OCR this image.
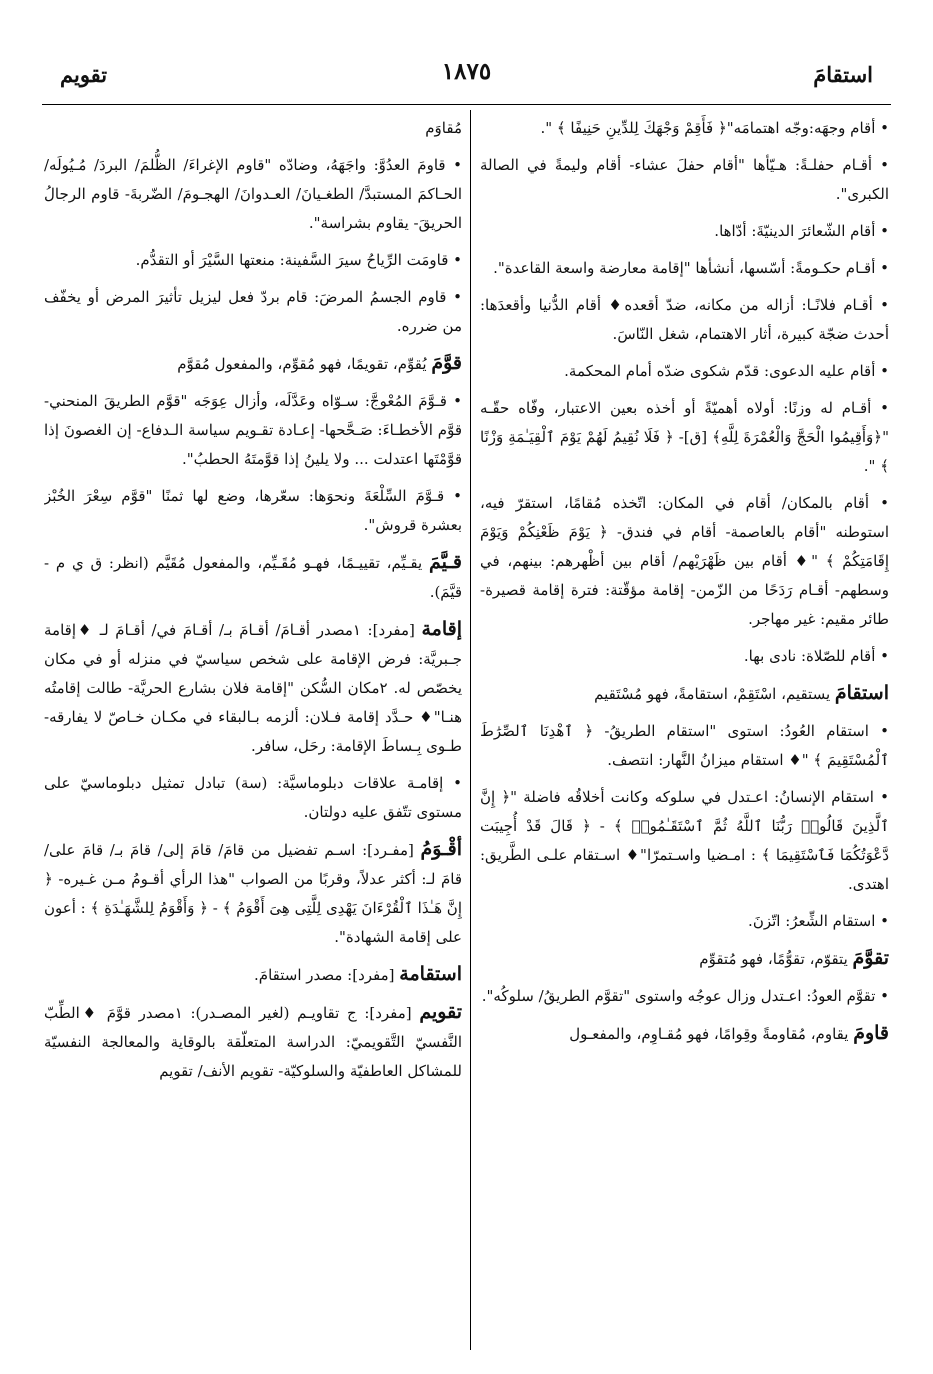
استقامَ
١٨٧٥
تقويم

• أقام وجهَه:وجّه اهتمامَه"﴿ فَأَقِمْ وَجْهَكَ لِلدِّينِ حَنِيفًا ﴾ ".

• أقـام حفلـةً: هـيّأها "أقام حفلَ عشاء- أقام وليمةً في الصالة الكبرى".

• أقام الشّعائرَ الدينيّةَ: أدّاها.

• أقـام حكـومةً: أسّسها، أنشأها "إقامة معارضة واسعة القاعدة".

• أقـام فلانًـا: أزاله من مكانه، ضدّ أقعده♦ أقام الدُّنيا وأقعدَها: أحدث ضجّة كبيرة، أثار الاهتمام، شغل النّاسَ.

• أقام عليه الدعوى: قدّم شكوى ضدّه أمام المحكمة.

• أقـام له وزنًا: أولاه أهميّةً أو أخذه بعين الاعتبار، وفّاه حقّـه "﴿وَأَقِيمُوا الْحَجَّ وَالْعُمْرَةَ لِلَّهِ﴾ [ق]- ﴿ فَلَا نُقِيمُ لَهُمْ يَوْمَ ٱلْقِيَـٰمَةِ وَزْنًا ﴾ ".

• أقام بالمكان/ أقام في المكان: اتّخذه مُقامًا، استقرّ فيه، استوطنه "أقام بالعاصمة- أقام في فندق- ﴿ يَوْمَ ظَعْنِكُمْ وَيَوْمَ إِقَامَتِكُمْ ﴾ "♦ أقام بين ظَهْرَيْهم/ أقام بين أظْهرهم: بينهم، في وسطهم- أقـام رَدَحًا من الزّمن- إقامة مؤقّتة: فترة إقامة قصيرة- طائر مقيم: غير مهاجر.

• أقام للصّلاة: نادى بها.

استقامَ يستقيم، اسْتَقِمْ، استقامةً، فهو مُسْتَقيم

• استقام العُودُ: استوى "استقام الطريقُ- ﴿ ٱهْدِنَا ٱلصِّرَٰطَ ٱلْمُسْتَقِيمَ ﴾ "♦ استقام ميزانُ النَّهار: انتصف.

• استقام الإنسانُ: اعـتدل في سلوكه وكانت أخلاقُه فاضلة "﴿ إِنَّ ٱلَّذِينَ قَالُوا۟ رَبُّنَا ٱللَّهُ ثُمَّ ٱسْتَقَـٰمُوا۟ ﴾ - ﴿ قَالَ قَدْ أُجِيبَت دَّعْوَتُكُمَا فَٱسْتَقِيمَا ﴾ : امـضيا واسـتمرّا"♦ اسـتقام علـى الطَّريق: اهتدى.

• استقام الشِّعرُ: اتّزنَ.

تقوَّمَ يتقوّم، تقوُّمًا، فهو مُتقوِّم

• تقوَّم العودُ: اعـتدل وزال عوجُه واستوى "تقوَّم الطريقُ/ سلوكُه".

قاومَ يقاوم، مُقاومةً وقِوامًا، فهو مُقـاوِم، والمفعـول

مُقاوَم

• قاومَ العدُوَّ: واجَهَهُ، وضادّه "قاوم الإغراءَ/ الظُّلمَ/ البردَ/ مُـيُولَه/ الحـاكمَ المستبدَّ/ الطغـيانَ/ العـدوانَ/ الهجـومَ/ الضّربةَ- قاوم الرجالُ الحريقَ- يقاوم بشراسة".

• قاومَت الرِّياحُ سيرَ السَّفينة: منعتها السَّيْرَ أو التقدُّم.

• قاوم الجسمُ المرضَ: قام بردّ فعل ليزيل تأثيرَ المرض أو يخفّف من ضرره.

قوَّمَ يُقوِّم، تقويمًا، فهو مُقوِّم، والمفعول مُقوَّم

• قـوَّمَ المُعْوجَّ: سـوّاه وعَدَّلَه، وأزال عِوَجَه "قوَّم الطريقَ المنحني- قوَّم الأخطـاءَ: صَـحَّحها- إعـادة تقـويم سياسة الـدفاع- إن الغصونَ إذا قوَّمْتَها اعتدلت ... ولا يلينُ إذا قوَّمتَهُ الحطبُ".

• قـوَّمَ السِّلْعَةَ ونحوَها: سعّرها، وضع لها ثمنًا "قوَّم سِعْرَ الخُبْز بعشرة قروش".

قـيَّمَ يقـيِّم، تقييـمًا، فهـو مُقَـيِّم، والمفعول مُقَيَّم (انظر: ق ي م - قيَّمَ).

إقامة [مفرد]: ١مصدر أقـامَ/ أقـامَ بـ/ أقـامَ في/ أقـامَ لـ ♦إقامة جـبريَّة: فرض الإقامة على شخص سياسيّ في منزله أو في مكان يخصّص له. ٢مكان السُّكن "إقامة فلان بشارع الحريَّة- طالت إقامتُه هنـا"♦ حـدَّد إقامة فـلان: ألزمه بـالبقاء في مكـان خـاصّ لا يفارقه- طـوى بِـساطَ الإقامة: رحَل، سافر.

• إقامـة علاقات دبلوماسيَّة: (سة) تبادل تمثيل دبلوماسيّ على مستوى تتّفق عليه دولتان.

أقْـوَمُ [مفـرد]: اسـم تفضيل من قامَ/ قامَ إلى/ قامَ بـ/ قامَ على/ قامَ لـ: أكثر عدلاً، وقربًا من الصواب "هذا الرأي أقـومُ مـن غـيره- ﴿ إِنَّ هَـٰذَا ٱلْقُرْءَانَ يَهْدِى لِلَّتِى هِىَ أَقْوَمُ ﴾ - ﴿ وَأَقْوَمُ لِلشَّهَـٰدَةِ ﴾ : أعون على إقامة الشهادة".

استقامة [مفرد]: مصدر استقامَ.

تقويم [مفرد]: ج تقاويـم (لغير المصـدر): ١مصدر قوَّمَ ♦الطِّبّ النَّفسيّ التَّقويميّ: الدراسة المتعلّقة بالوقاية والمعالجة النفسيّة للمشاكل العاطفيّة والسلوكيّة- تقويم الأنف/ تقويم
